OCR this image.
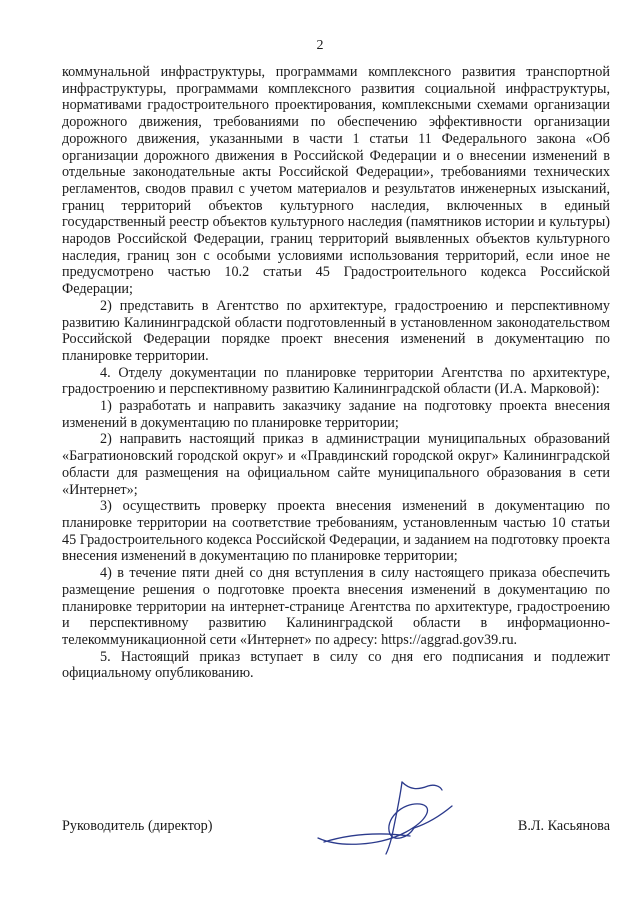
2

коммунальной инфраструктуры, программами комплексного развития транспортной инфраструктуры, программами комплексного развития социальной инфраструктуры, нормативами градостроительного проектирования, комплексными схемами организации дорожного движения, требованиями по обеспечению эффективности организации дорожного движения, указанными в части 1 статьи 11 Федерального закона «Об организации дорожного движения в Российской Федерации и о внесении изменений в отдельные законодательные акты Российской Федерации», требованиями технических регламентов, сводов правил с учетом материалов и результатов инженерных изысканий, границ территорий объектов культурного наследия, включенных в единый государственный реестр объектов культурного наследия (памятников истории и культуры) народов Российской Федерации, границ территорий выявленных объектов культурного наследия, границ зон с особыми условиями использования территорий, если иное не предусмотрено частью 10.2 статьи 45 Градостроительного кодекса Российской Федерации;

2) представить в Агентство по архитектуре, градостроению и перспективному развитию Калининградской области подготовленный в установленном законодательством Российской Федерации порядке проект внесения изменений в документацию по планировке территории.

4. Отделу документации по планировке территории Агентства по архитектуре, градостроению и перспективному развитию Калининградской области (И.А. Марковой):

1) разработать и направить заказчику задание на подготовку проекта внесения изменений в документацию по планировке территории;

2) направить настоящий приказ в администрации муниципальных образований «Багратионовский городской округ» и «Правдинский городской округ» Калининградской области для размещения на официальном сайте муниципального образования в сети «Интернет»;

3) осуществить проверку проекта внесения изменений в документацию по планировке территории на соответствие требованиям, установленным частью 10 статьи 45 Градостроительного кодекса Российской Федерации, и заданием на подготовку проекта внесения изменений в документацию по планировке территории;

4) в течение пяти дней со дня вступления в силу настоящего приказа обеспечить размещение решения о подготовке проекта внесения изменений в документацию по планировке территории на интернет-странице Агентства по архитектуре, градостроению и перспективному развитию Калининградской области в информационно-телекоммуникационной сети «Интернет» по адресу: https://aggrad.gov39.ru.

5. Настоящий приказ вступает в силу со дня его подписания и подлежит официальному опубликованию.

Руководитель (директор)	В.Л. Касьянова
